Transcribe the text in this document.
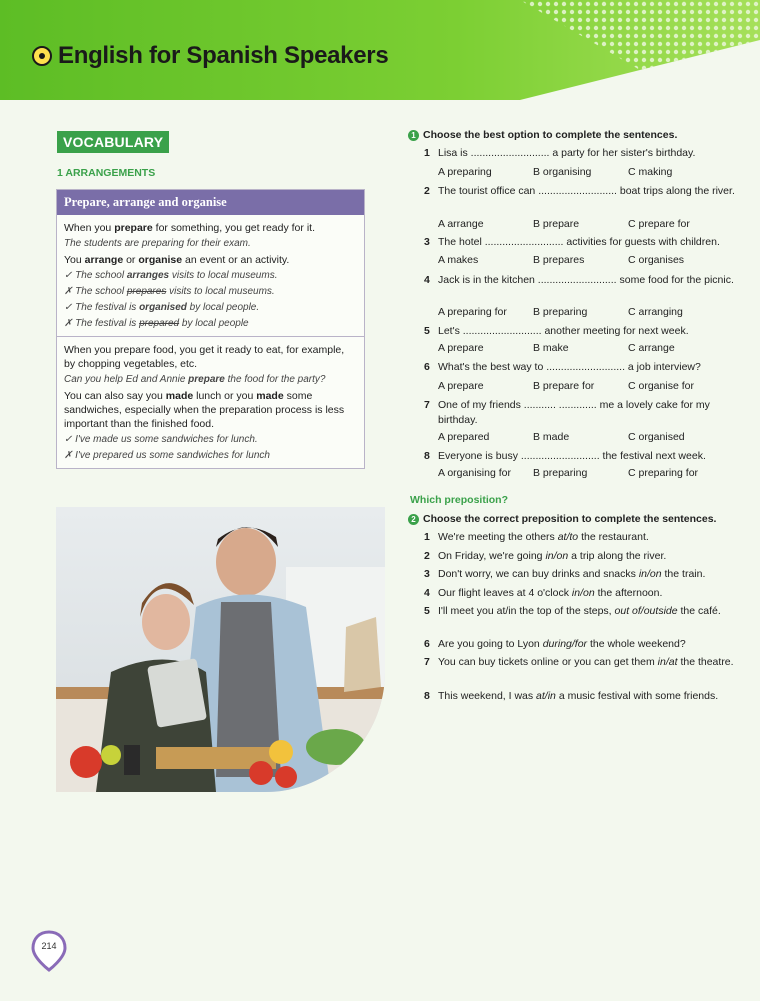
English for Spanish Speakers
VOCABULARY
1 ARRANGEMENTS
Prepare, arrange and organise
When you prepare for something, you get ready for it.
The students are preparing for their exam.
You arrange or organise an event or an activity.
✓ The school arranges visits to local museums.
✗ The school prepares visits to local museums.
✓ The festival is organised by local people.
✗ The festival is prepared by local people
When you prepare food, you get it ready to eat, for example, by chopping vegetables, etc.
Can you help Ed and Annie prepare the food for the party?
You can also say you made lunch or you made some sandwiches, especially when the preparation process is less important than the finished food.
✓ I've made us some sandwiches for lunch.
✗ I've prepared us some sandwiches for lunch
1 Choose the best option to complete the sentences.
1 Lisa is ........................... a party for her sister's birthday.
A preparing	B organising	C making
2 The tourist office can ........................... boat trips along the river.
A arrange	B prepare	C prepare for
3 The hotel ........................... activities for guests with children.
A makes	B prepares	C organises
4 Jack is in the kitchen ........................... some food for the picnic.
A preparing for	B preparing	C arranging
5 Let's ........................... another meeting for next week.
A prepare	B make	C arrange
6 What's the best way to ........................... a job interview?
A prepare	B prepare for	C organise for
7 One of my friends ........... ............. me a lovely cake for my birthday.
A prepared	B made	C organised
8 Everyone is busy ........................... the festival next week.
A organising for	B preparing	C preparing for
Which preposition?
2 Choose the correct preposition to complete the sentences.
1 We're meeting the others at/to the restaurant.
2 On Friday, we're going in/on a trip along the river.
3 Don't worry, we can buy drinks and snacks in/on the train.
4 Our flight leaves at 4 o'clock in/on the afternoon.
5 I'll meet you at/in the top of the steps, out of/outside the café.
6 Are you going to Lyon during/for the whole weekend?
7 You can buy tickets online or you can get them in/at the theatre.
8 This weekend, I was at/in a music festival with some friends.
214
